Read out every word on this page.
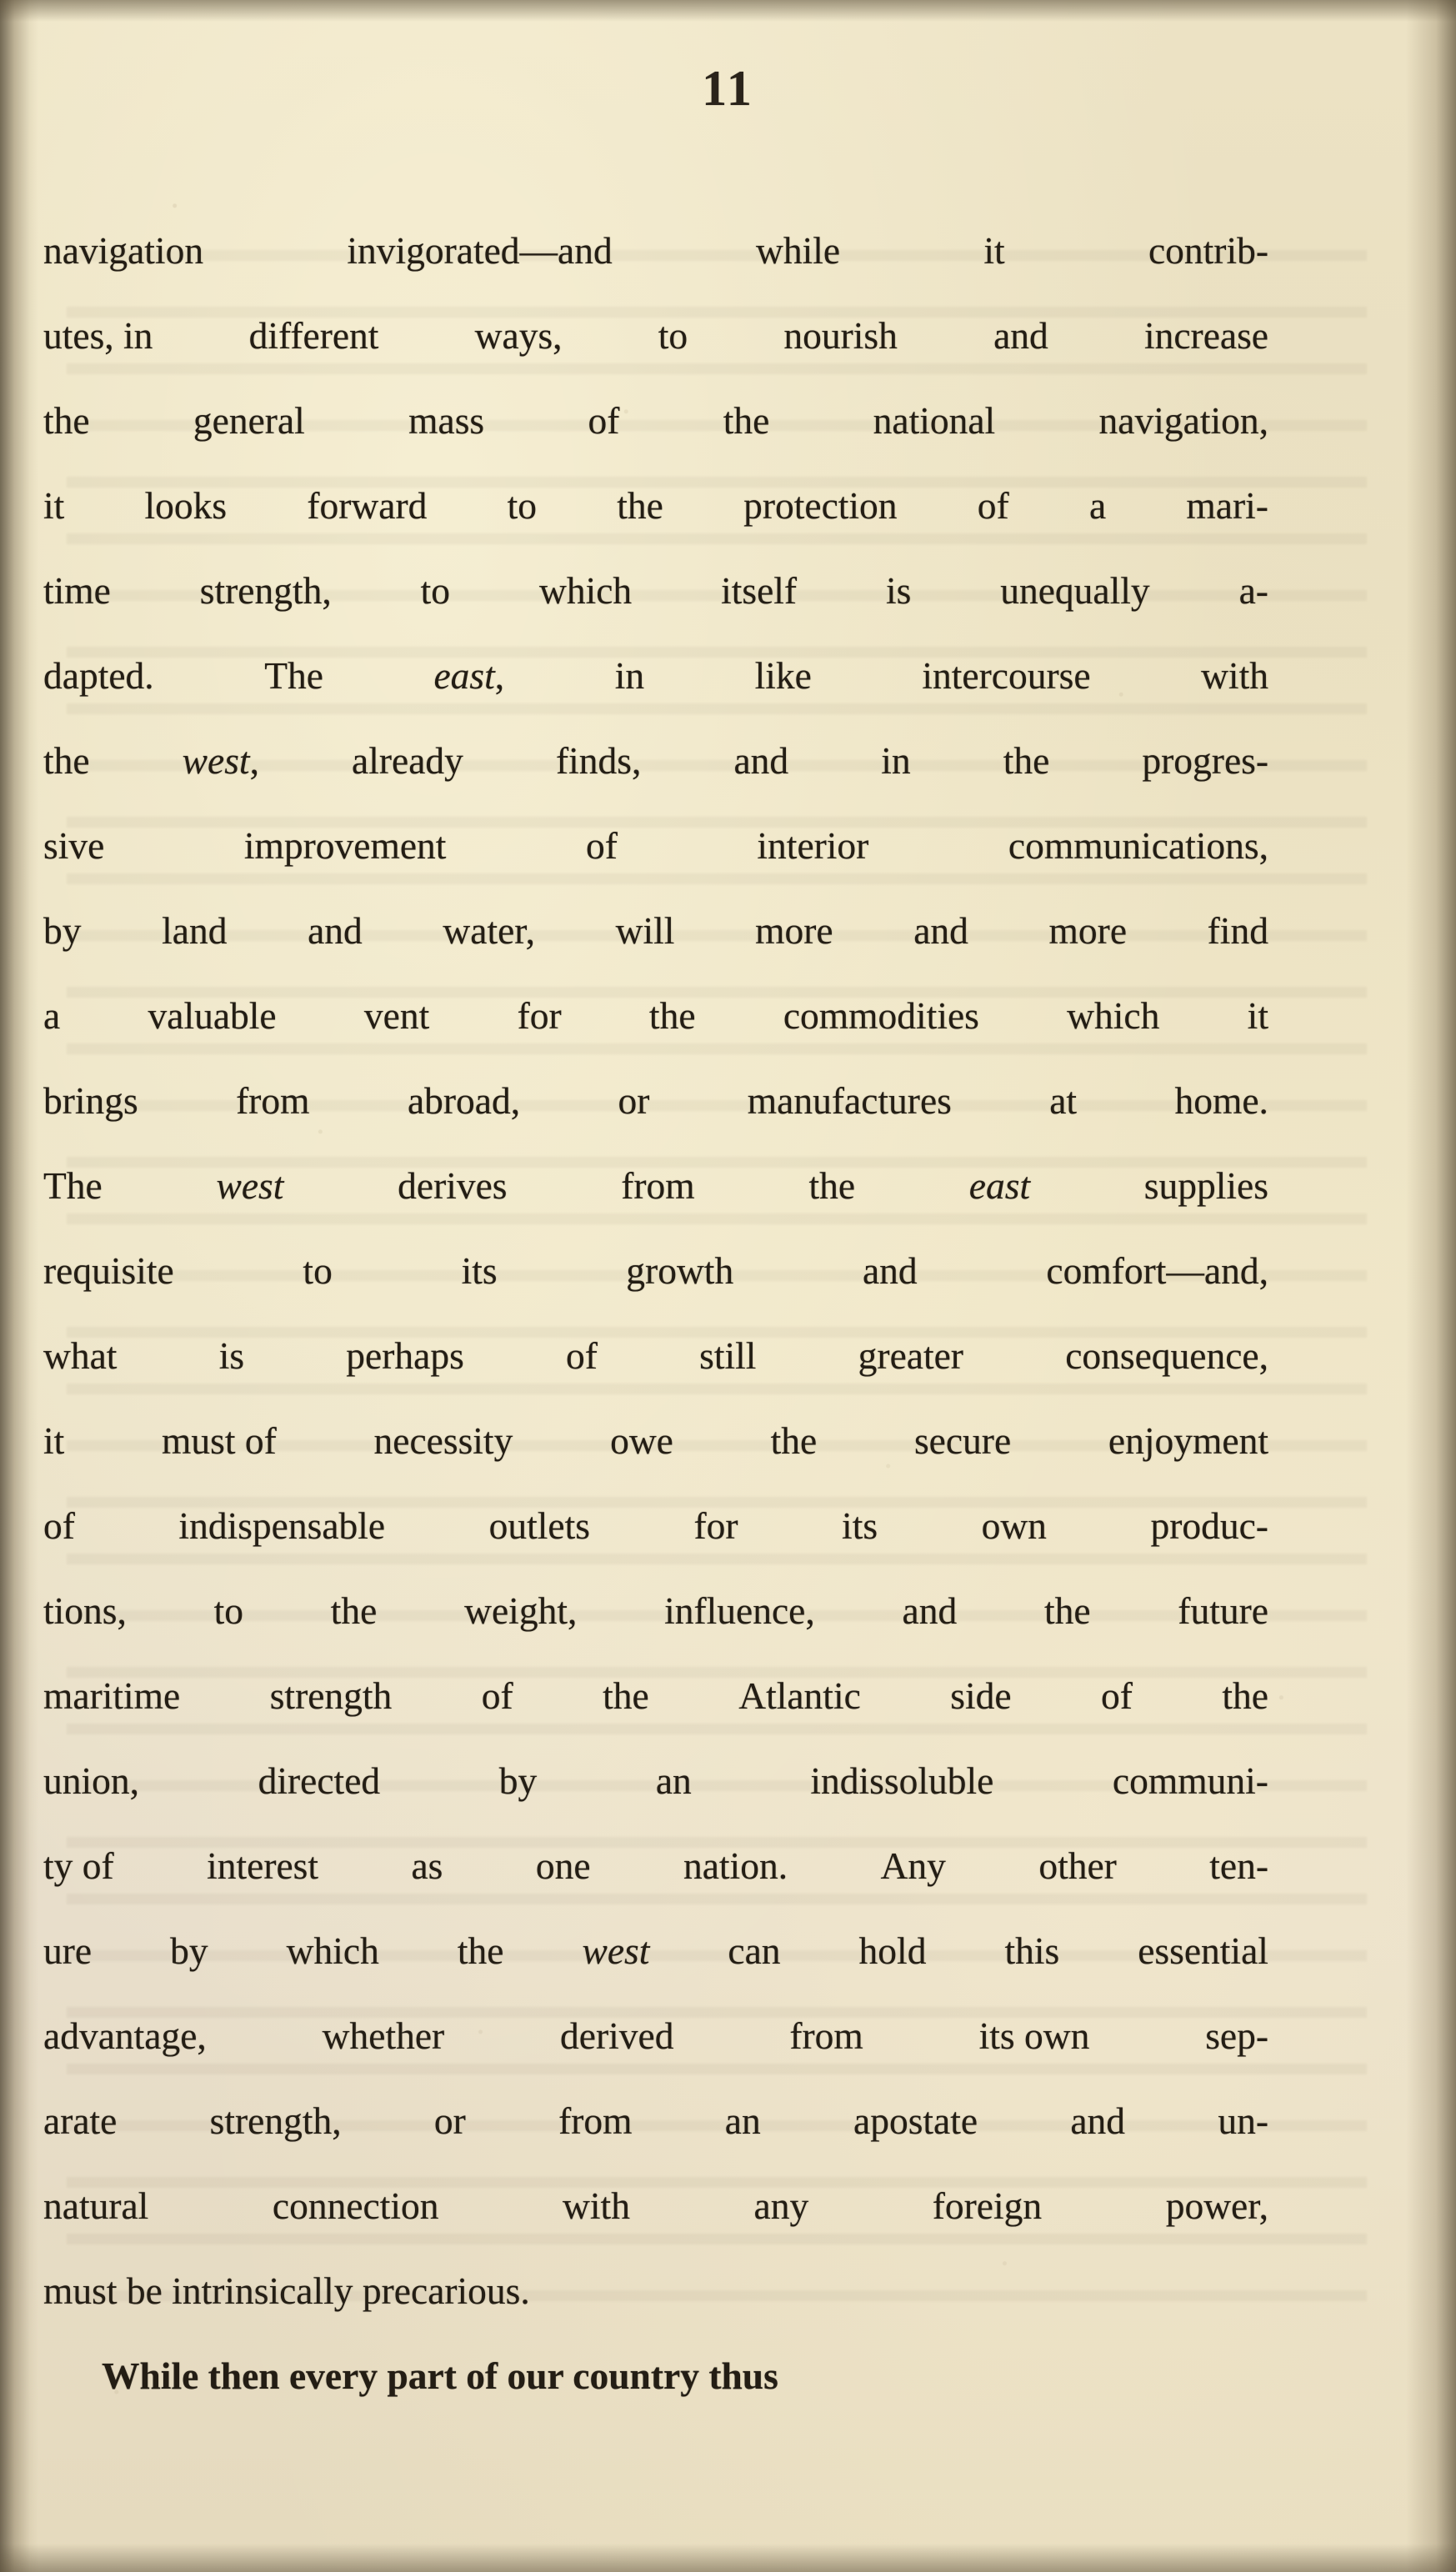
11
navigation	invigorated—and	while	it	contrib-
utes, in	different	ways,	to	nourish	and	increase
the	general	mass	of	the	national	navigation,
it looks forward to the protection of a mari-
time strength, to which itself is unequally a-
dapted.	The	east,	in	like	intercourse	with
the west, already finds, and in the progres-
sive	improvement	of	interior	communications,
by land and water, will more and more find
a valuable vent for the commodities which it
brings	from	abroad,	or	manufactures	at	home.
The	west	derives	from	the	east	supplies
requisite	to	its	growth	and	comfort—and,
what	is	perhaps	of	still	greater	consequence,
it	must of	necessity	owe	the	secure	enjoyment
of	indispensable	outlets	for	its	own	produc-
tions, to the weight, influence, and the future
maritime strength of the Atlantic side of the
union,	directed	by	an	indissoluble	communi-
ty of interest as one nation. Any other ten-
ure by which the west can hold this essential
advantage,	whether	derived	from	its own	sep-
arate strength, or from an apostate and un-
natural	connection	with	any	foreign	power,
must be intrinsically precarious.
While then every part of our country thus
